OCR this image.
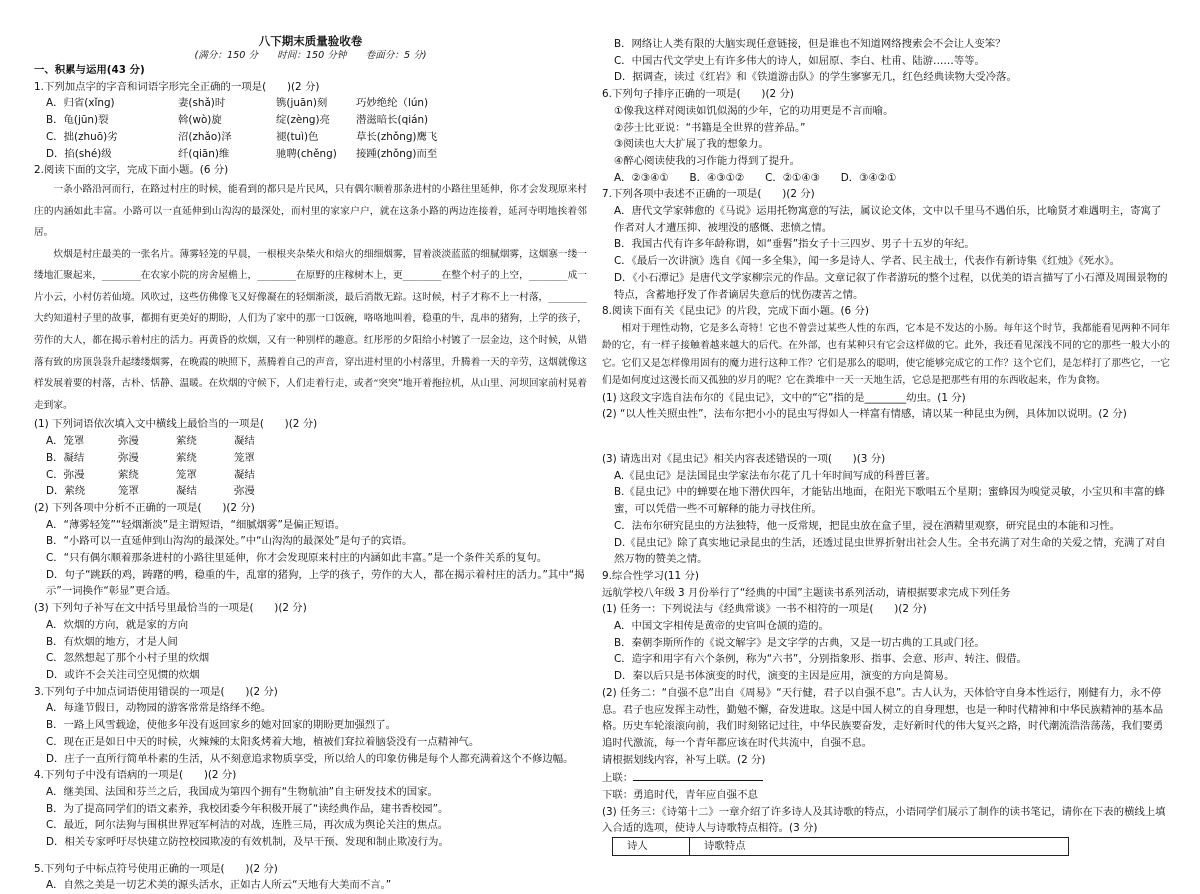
八下期末质量验收卷
(满分：150 分　　时间：150 分钟　　卷面分：5 分)
一、积累与运用(43 分)
1.下列加点字的字音和词语字形完全正确的一项是(　　)(2 分)
A．归省(xǐng)	妻(shǎ)时	镌(juān)刻	巧妙绝纶（lún)
B．龟(jūn)裂	斡(wò)旋	绽(zèng)亮	潜滋暗长(qián)
C．拙(zhuō)劣	沼(zhǎo)泽	褪(tuì)色	草长(zhǒng)鹰飞
D．掐(shé)级	纤(qiān)维	驰聘(chěng)	接踵(zhǒng)而至
2.阅读下面的文字，完成下面小题。(6 分)
一条小路沿河而行，在路过村庄的时候，能看到的都只是片民风，只有偶尔顺着那条进村的小路往里延伸，你才会发现原来村庄的内涵如此丰富。小路可以一直延伸到山沟沟的最深处，而村里的家家户户，就在这条小路的两边连接着，延河寺明地挨着邻居。
炊烟是村庄最美的一张名片。薄雾轻笼的早晨，一根根夹杂柴火和焙火的细细烟雾，冒着淡淡蓝蓝的细腻烟雾，这烟寨一缕一缕地汇聚起来，________在农家小院的房舍屋檐上，________在原野的庄稼树木上，更________在整个村子的上空，________成一片小云，小村仿若仙境。风吹过，这些仿佛像飞又好像凝在的轻烟渐淡，最后消散无踪。这时候，村子才称不上一村落，________大约知道村子里的故事，都拥有更美好的期盼，人们为了家中的那一口饭碗，咯咯地叫着，稳重的牛，乱串的猪狗，上学的孩子，劳作的大人，都在揭示着村庄的活力。再黄昏的炊烟，又有一种别样的趣意。红彤彤的夕阳给小村镀了一层金边，这个时候，从错落有致的房顶袅袅升起缕缕烟雾，在晚霞的映照下，蒸腾着自己的声音，穿出进村里的小村落里，升腾着一天的辛劳，这烟就像这样发展着要的村落，古朴、恬静、温暖。在炊烟的守候下，人们走着行走，或者“突突”地开着拖拉机，从山里、河坝回家前村晃着走到家。
(1) 下列词语依次填入文中横线上最恰当的一项是(　　)(2 分)
A．笼罩	弥漫	萦绕	凝结
B．凝结	弥漫	萦绕	笼罩
C．弥漫	萦绕	笼罩	凝结
D．萦绕	笼罩	凝结	弥漫
(2) 下列各项中分析不正确的一项是(　　)(2 分)
A．“薄雾轻笼”“轻烟渐淡”是主谓短语，“细腻烟雾”是偏正短语。
B．“小路可以一直延伸到山沟沟的最深处。”中“山沟沟的最深处”是句子的宾语。
C．“只有偶尔顺着那条进村的小路往里延伸，你才会发现原来村庄的内涵如此丰富。”是一个条件关系的复句。
D．句子“跳跃的鸡，踌躇的鸭，稳重的牛，乱窜的猪狗，上学的孩子，劳作的大人，都在揭示着村庄的活力。”其中“揭示”一词换作“彰显”更合适。
(3) 下列句子补写在文中括号里最恰当的一项是(　　)(2 分)
A．炊烟的方向，就是家的方向
B．有炊烟的地方，才是人间
C．忽然想起了那个小村子里的炊烟
D．或许不会关注司空见惯的炊烟
3.下列句子中加点词语使用错误的一项是(　　)(2 分)
A．每逢节假日，动物园的游客常常是络绎不绝。
B．一路上风雪载途，使他多年没有返回家乡的她对回家的期盼更加强烈了。
C．现在正是如日中天的时候，火辣辣的太阳炙烤着大地，植被们耷拉着脑袋没有一点精神气。
D．庄子一直所行简单朴素的生活，从不刻意追求物质享受，所以给人的印象仿佛是每个人都充满着这个不修边幅。
4.下列句子中没有语病的一项是(　　)(2 分)
A．继美国、法国和芬兰之后，我国成为第四个拥有“生物航油”自主研发技术的国家。
B．为了提高同学们的语文素养，我校团委今年积极开展了“读经典作品，建书香校园”。
C．最近，阿尔法狗与围棋世界冠军柯洁的对战，连胜三局，再次成为舆论关注的焦点。
D．相关专家呼吁尽快建立防控校园欺凌的有效机制，及早干预、发现和制止欺凌行为。
5.下列句子中标点符号使用正确的一项是(　　)(2 分)
A．自然之美是一切艺术美的源头活水，正如古人所云“天地有大美而不言。”
B．网络让人类有限的大脑实现任意链接，但是谁也不知道网络搜索会不会让人变笨？
C．中国古代文学史上有许多伟大的诗人，如屈原、李白、杜甫、陆游……等等。
D．据调查，读过《红岩》和《铁道游击队》的学生寥寥无几，红色经典读物大受冷落。
6.下列句子排序正确的一项是(　　)(2 分)
①像我这样对阅读如饥似渴的少年，它的功用更是不言而喻。
②莎士比亚说：“书籍是全世界的营养品。”
③阅读也大大扩展了我的想象力。
④醉心阅读使我的习作能力得到了提升。
A．②③④①　　B．④③①②　　C．②①④③　　D．③④②①
7.下列各项中表述不正确的一项是(　　)(2 分)
A．唐代文学家韩愈的《马说》运用托物寓意的写法，属议论文体，文中以千里马不遇伯乐，比喻贤才难遇明主，寄寓了作者对人才遭压抑、被埋没的感慨、悲愤之情。
B．我国古代有许多年龄称谓，如“垂髫”指女子十三四岁、男子十五岁的年纪。
C．《最后一次讲演》选自《闻一多全集》，闻一多是诗人、学者、民主战士，代表作有新诗集《红烛》《死水》。
D．《小石潭记》是唐代文学家柳宗元的作品。文章记叙了作者游玩的整个过程，以优美的语言描写了小石潭及周围景物的特点，含蓄地抒发了作者谪居失意后的忧伤凄苦之情。
8.阅读下面有关《昆虫记》的片段，完成下面小题。(6 分)
相对于理性动物，它是多么奇特！它也不曾尝过某些人性的东西，它本是不发达的小肠。每年这个时节，我都能看见两种不同年龄的它，有一样子接触着越来越大的后代。在外部，也有某种只有它会这样做的它。此外，我还看见深浅不同的它的那些一般大小的它。它们又是怎样像用固有的魔力进行这种工作？它们是那么的聪明，使它能够完成它的工作？这个它们，是怎样打了那些它，一它们是如何度过这漫长而又孤独的岁月的呢？它在粪堆中一天一天地生活，它总是把那些有用的东西收起来，作为食物。
(1) 这段文字选自法布尔的《昆虫记》，文中的“它”指的是________幼虫。(1 分)
(2) “以人性关照虫性”，法布尔把小小的昆虫写得如人一样富有情感，请以某一种昆虫为例，具体加以说明。(2 分)
(3) 请选出对《昆虫记》相关内容表述错误的一项(　　)(3 分)
A.《昆虫记》是法国昆虫学家法布尔花了几十年时间写成的科普巨著。
B.《昆虫记》中的蝉要在地下潜伏四年，才能钻出地面，在阳光下歌唱五个星期；蜜蜂因为嗅觉灵敏，小宝贝和丰富的蜂蜜，可以凭借一些不可解释的能力寻找住所。
C．法布尔研究昆虫的方法独特，他一反常规，把昆虫放在盒子里，浸在酒精里观察，研究昆虫的本能和习性。
D.《昆虫记》除了真实地记录昆虫的生活，还透过昆虫世界折射出社会人生。全书充满了对生命的关爱之情，充满了对自然万物的赞美之情。
9.综合性学习(11 分)
远航学校八年级 3 月份举行了“经典的中国”主题读书系列活动，请根据要求完成下列任务
(1) 任务一：下列说法与《经典常谈》一书不相符的一项是(　　)(2 分)
A．中国文字相传是黄帝的史官叫仓颉的造的。
B．秦朝李斯所作的《说文解字》是文字学的古典，又是一切古典的工具或门径。
C．造字和用字有六个条例，称为“六书”，分别指象形、指事、会意、形声、转注、假借。
D．秦以后只是书体演变的时代，演变的主因是应用，演变的方向是简易。
(2) 任务二：“自强不息”出自《周易》“天行健，君子以自强不息”。古人认为，天体恰守自身本性运行，刚健有力，永不停息。君子也应发挥主动性，勤勉不懈，奋发进取。这是中国人树立的自身理想，也是一种时代精神和中华民族精神的基本品格。历史车轮滚滚向前，我们时刻铭记过往，中华民族要奋发，走好新时代的伟大复兴之路，时代潮流浩浩荡荡，我们要勇追时代激流，每一个青年都应该在时代共流中，自强不息。
请根据划线内容，补写上联。(2 分)
上联：
下联：勇追时代，青年应自强不息
(3) 任务三：《诗第十二》一章介绍了许多诗人及其诗歌的特点，小语同学们展示了制作的读书笔记，请你在下表的横线上填入合适的选项，使诗人与诗歌特点相符。(3 分)
诗人	诗歌特点
